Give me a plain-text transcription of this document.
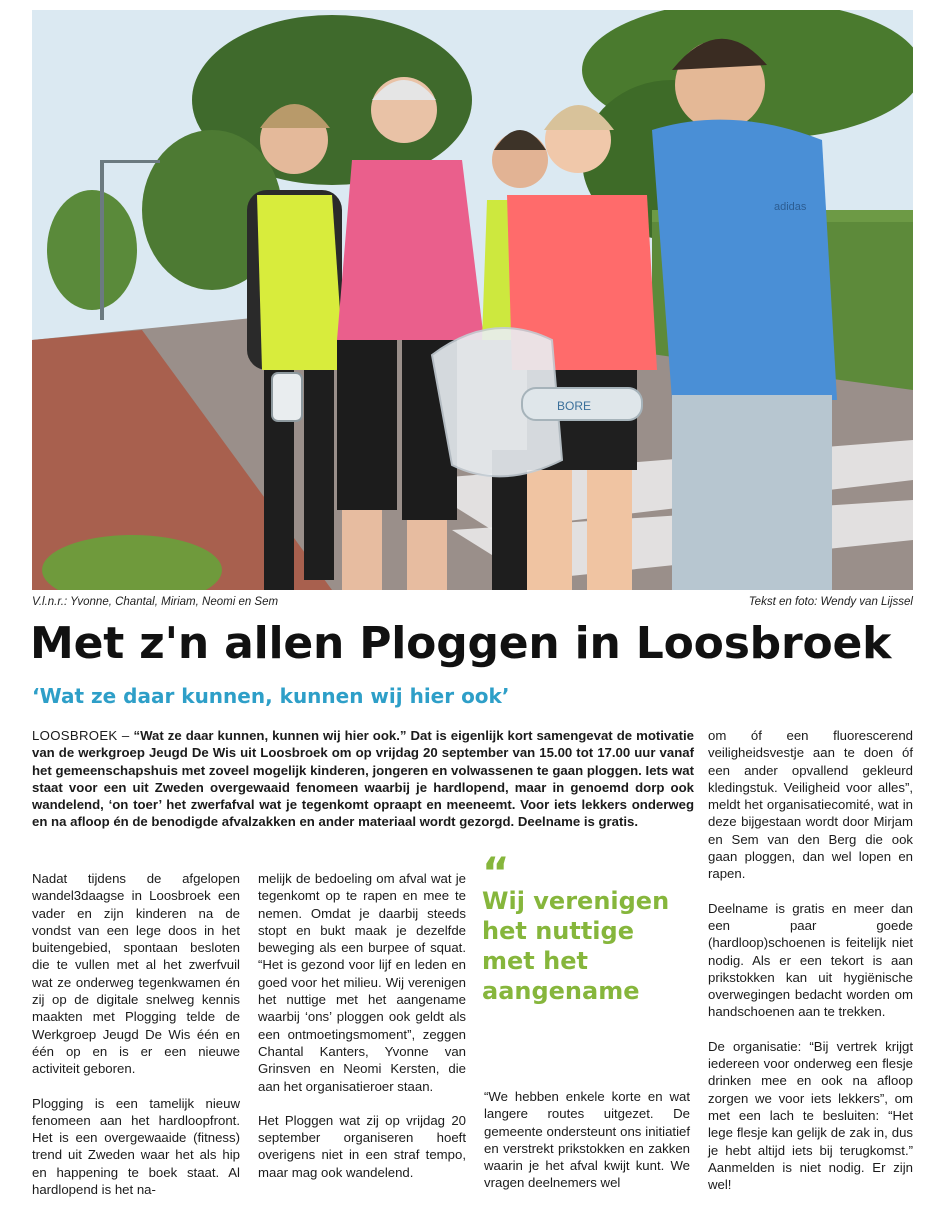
BORE
adidas
V.l.n.r.: Yvonne, Chantal, Miriam, Neomi en Sem	Tekst en foto: Wendy van Lijssel
Met z'n allen Ploggen in Loosbroek
‘Wat ze daar kunnen, kunnen wij hier ook’

LOOSBROEK – “Wat ze daar kunnen, kunnen wij hier ook.” Dat is eigenlijk kort samengevat de motivatie van de werkgroep Jeugd De Wis uit Loosbroek om op vrijdag 20 september van 15.00 tot 17.00 uur vanaf het gemeenschapshuis met zoveel mogelijk kinderen, jongeren en volwassenen te gaan ploggen. Iets wat staat voor een uit Zweden overgewaaid fenomeen waarbij je hardlopend, maar in genoemd dorp ook wandelend, ‘on toer’ het zwerfafval wat je tegenkomt opraapt en meeneemt. Voor iets lekkers onderweg en na afloop én de benodigde afvalzakken en ander materiaal wordt gezorgd. Deelname is gratis.

Nadat tijdens de afgelopen wandel3daagse in Loosbroek een vader en zijn kinderen na de vondst van een lege doos in het buitengebied, spontaan besloten die te vullen met al het zwerfvuil wat ze onderweg tegenkwamen én zij op de digitale snelweg kennis maakten met Plogging telde de Werkgroep Jeugd De Wis één en één op en is er een nieuwe activiteit geboren.

Plogging is een tamelijk nieuw fenomeen aan het hardloopfront. Het is een overgewaaide (fitness) trend uit Zweden waar het als hip en happening te boek staat. Al hardlopend is het na-

melijk de bedoeling om afval wat je tegenkomt op te rapen en mee te nemen. Omdat je daarbij steeds stopt en bukt maak je dezelfde beweging als een burpee of squat. “Het is gezond voor lijf en leden en goed voor het milieu. Wij verenigen het nuttige met het aangename waarbij ‘ons’ ploggen ook geldt als een ontmoetingsmoment”, zeggen Chantal Kanters, Yvonne van Grinsven en Neomi Kersten, die aan het organisatieroer staan.

Het Ploggen wat zij op vrijdag 20 september organiseren hoeft overigens niet in een straf tempo, maar mag ook wandelend.

“
Wij verenigen het nuttige met het aangename

“We hebben enkele korte en wat langere routes uitgezet. De gemeente ondersteunt ons initiatief en verstrekt prikstokken en zakken waarin je het afval kwijt kunt. We vragen deelnemers wel

om óf een fluorescerend veiligheidsvestje aan te doen óf een ander opvallend gekleurd kledingstuk. Veiligheid voor alles”, meldt het organisatiecomité, wat in deze bijgestaan wordt door Mirjam en Sem van den Berg die ook gaan ploggen, dan wel lopen en rapen.

Deelname is gratis en meer dan een paar goede (hardloop)schoenen is feitelijk niet nodig. Als er een tekort is aan prikstokken kan uit hygiënische overwegingen bedacht worden om handschoenen aan te trekken.

De organisatie: “Bij vertrek krijgt iedereen voor onderweg een flesje drinken mee en ook na afloop zorgen we voor iets lekkers”, om met een lach te besluiten: “Het lege flesje kan gelijk de zak in, dus je hebt altijd iets bij terugkomst.” Aanmelden is niet nodig. Er zijn wel!
